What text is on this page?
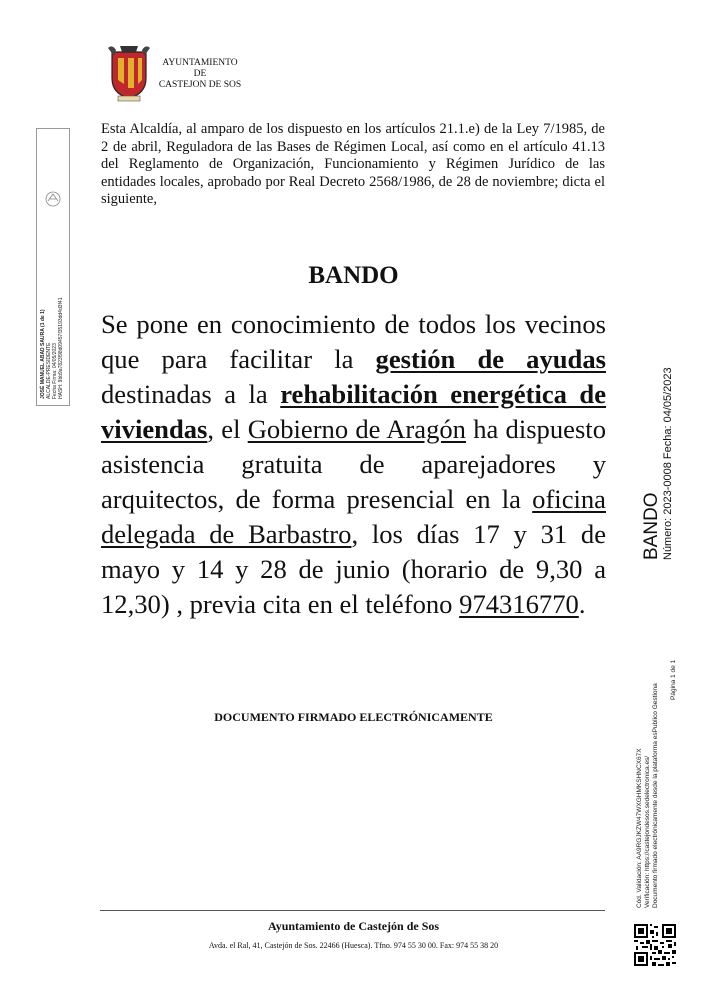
AYUNTAMIENTO
DE
CASTEJON DE SOS
JOSÉ MANUEL ABAD SAURA (1 de 1) ALCALDE-PRESIDENTE Fecha Firma: 04/05/2023 HASH: 9bb9a7823f98d09457f35193dd4d3f41
Esta Alcaldía, al amparo de los dispuesto en los artículos 21.1.e) de la Ley 7/1985, de 2 de abril, Reguladora de las Bases de Régimen Local, así como en el artículo 41.13 del Reglamento de Organización, Funcionamiento y Régimen Jurídico de las entidades locales, aprobado por Real Decreto 2568/1986, de 28 de noviembre; dicta el siguiente,
BANDO
Se pone en conocimiento de todos los vecinos que para facilitar la gestión de ayudas destinadas a la rehabilitación energética de viviendas, el Gobierno de Aragón ha dispuesto asistencia gratuita de aparejadores y arquitectos, de forma presencial en la oficina delegada de Barbastro, los días 17 y 31 de mayo y 14 y 28 de junio (horario de 9,30 a 12,30) , previa cita en el teléfono 974316770.
DOCUMENTO FIRMADO ELECTRÓNICAMENTE
BANDO Número: 2023-0008 Fecha: 04/05/2023
Página 1 de 1
Cód. Validación: AA9RGJKZW47WXGHMKSHNCX67X Verificación: https://castejondesos.sedelectronica.es/ Documento firmado electrónicamente desde la plataforma esPublico Gestiona
Ayuntamiento de Castejón de Sos
Avda. el Ral, 41, Castejón de Sos. 22466 (Huesca). Tfno. 974 55 30 00. Fax: 974 55 38 20
